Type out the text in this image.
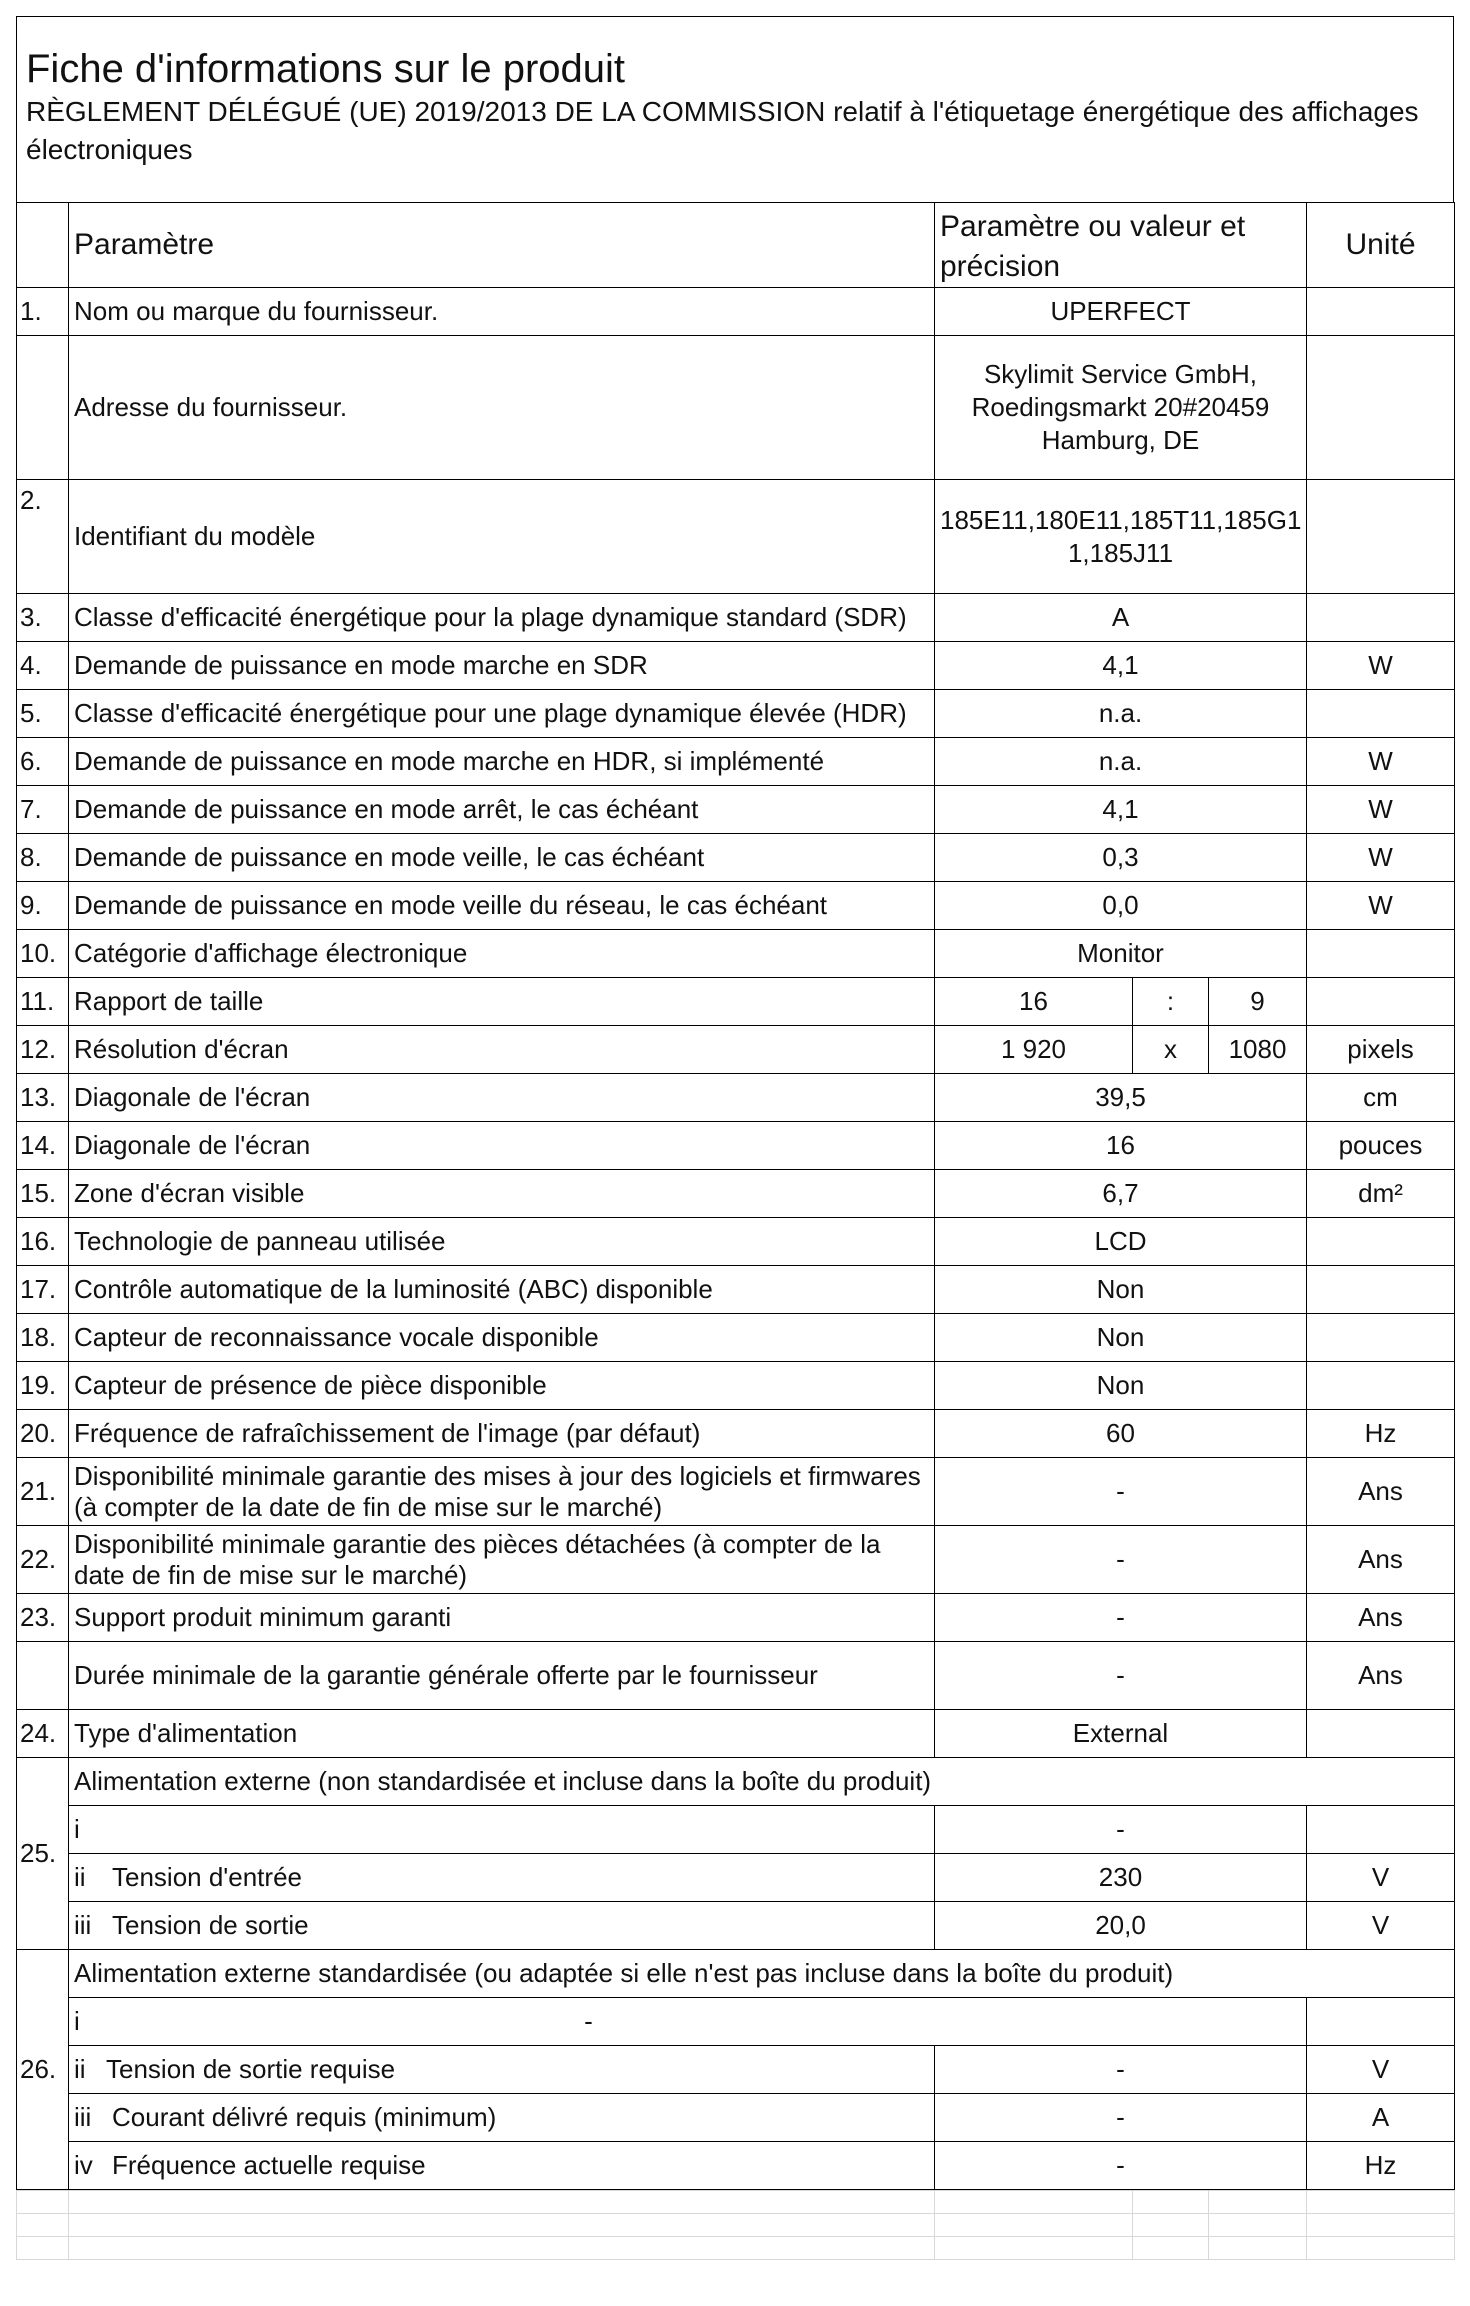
Fiche d'informations sur le produit
RÈGLEMENT DÉLÉGUÉ (UE) 2019/2013 DE LA COMMISSION relatif à l'étiquetage énergétique des affichages électroniques
	Paramètre	Paramètre ou valeur et précision			Unité
1.	Nom ou marque du fournisseur.	UPERFECT			
	Adresse du fournisseur.	Skylimit Service GmbH,
Roedingsmarkt 20#20459
Hamburg, DE			
2.	Identifiant du modèle	185E11,180E11,185T11,185G1
1,185J11			
3.	Classe d'efficacité énergétique pour la plage dynamique standard (SDR)	A			
4.	Demande de puissance en mode marche en SDR	4,1			W
5.	Classe d'efficacité énergétique pour une plage dynamique élevée (HDR)	n.a.			
6.	Demande de puissance en mode marche en HDR, si implémenté	n.a.			W
7.	Demande de puissance en mode arrêt, le cas échéant	4,1			W
8.	Demande de puissance en mode veille, le cas échéant	0,3			W
9.	Demande de puissance en mode veille du réseau, le cas échéant	0,0			W
10.	Catégorie d'affichage électronique	Monitor			
11.	Rapport de taille	16	:	9	
12.	Résolution d'écran	1 920	x	1080	pixels
13.	Diagonale de l'écran	39,5			cm
14.	Diagonale de l'écran	16			pouces
15.	Zone d'écran visible	6,7			dm²
16.	Technologie de panneau utilisée	LCD			
17.	Contrôle automatique de la luminosité (ABC) disponible	Non			
18.	Capteur de reconnaissance vocale disponible	Non			
19.	Capteur de présence de pièce disponible	Non			
20.	Fréquence de rafraîchissement de l'image (par défaut)	60			Hz
21.	Disponibilité minimale garantie des mises à jour des logiciels et firmwares (à compter de la date de fin de mise sur le marché)	-			Ans
22.	Disponibilité minimale garantie des pièces détachées (à compter de la date de fin de mise sur le marché)	-			Ans
23.	Support produit minimum garanti	-			Ans
	Durée minimale de la garantie générale offerte par le fournisseur	-			Ans
24.	Type d'alimentation	External			
25.	Alimentation externe (non standardisée et incluse dans la boîte du produit)				
	i	-			
	ii Tension d'entrée	230			V
	iii Tension de sortie	20,0			V
26.	Alimentation externe standardisée (ou adaptée si elle n'est pas incluse dans la boîte du produit)				
	i -				

	ii Tension de sortie requise	-			V
	iii Courant délivré requis (minimum)	-			A
	iv Fréquence actuelle requise	-			Hz
